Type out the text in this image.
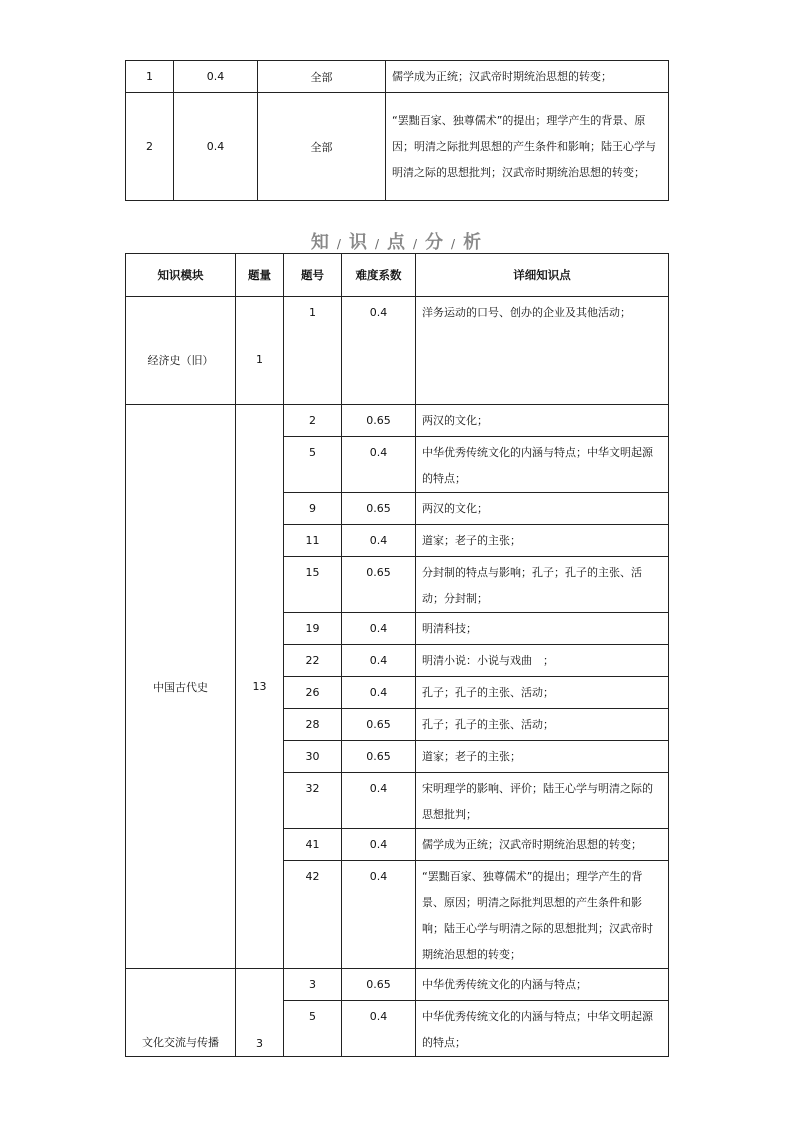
1	0.4	全部	儒学成为正统；汉武帝时期统治思想的转变；
2	0.4	全部	“罢黜百家、独尊儒术”的提出；理学产生的背景、原因；明清之际批判思想的产生条件和影响；陆王心学与明清之际的思想批判；汉武帝时期统治思想的转变；
知 / 识 / 点 / 分 / 析
知识模块	题量	题号	难度系数	详细知识点
经济史（旧）	1	1	0.4	洋务运动的口号、创办的企业及其他活动；
中国古代史	13	2	0.65	两汉的文化；
		5	0.4	中华优秀传统文化的内涵与特点；中华文明起源的特点；
		9	0.65	两汉的文化；
		11	0.4	道家；老子的主张；
		15	0.65	分封制的特点与影响；孔子；孔子的主张、活动；分封制；
		19	0.4	明清科技；
		22	0.4	明清小说：小说与戏曲　；
		26	0.4	孔子；孔子的主张、活动；
		28	0.65	孔子；孔子的主张、活动；
		30	0.65	道家；老子的主张；
		32	0.4	宋明理学的影响、评价；陆王心学与明清之际的思想批判；
		41	0.4	儒学成为正统；汉武帝时期统治思想的转变；
		42	0.4	“罢黜百家、独尊儒术”的提出；理学产生的背景、原因；明清之际批判思想的产生条件和影响；陆王心学与明清之际的思想批判；汉武帝时期统治思想的转变；
文化交流与传播	3	3	0.65	中华优秀传统文化的内涵与特点；
		5	0.4	中华优秀传统文化的内涵与特点；中华文明起源的特点；
